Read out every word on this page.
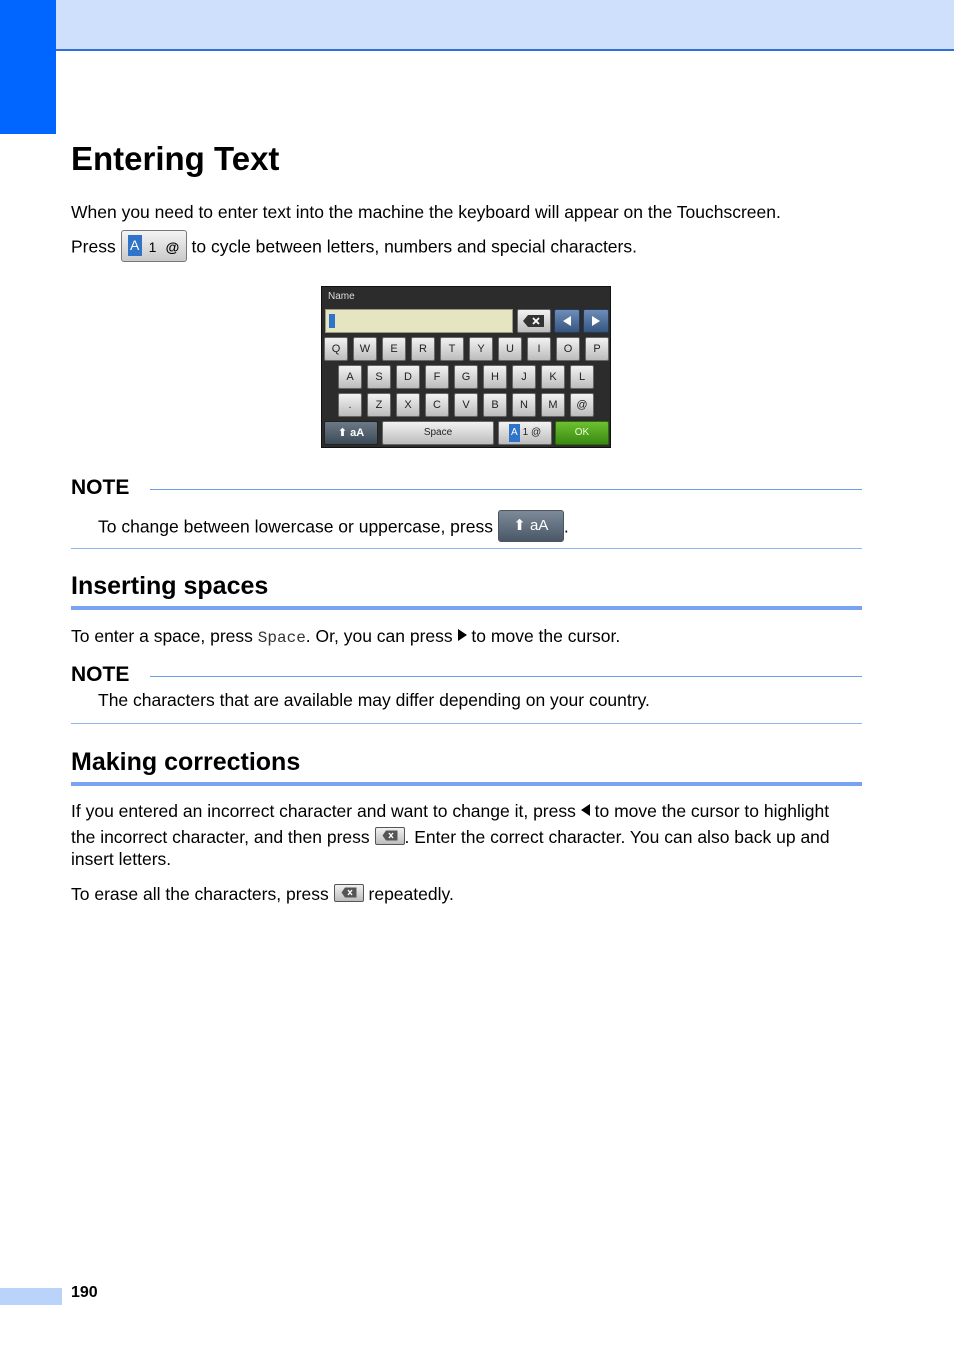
Entering Text

When you need to enter text into the machine the keyboard will appear on the Touchscreen.

Press A 1 @ to cycle between letters, numbers and special characters.

Name
⬆ aA	Space	A 1 @	OK
Q	W	E	R	T	Y	U	I	O	P
A	S	D	F	G	H	J	K	L
.	Z	X	C	V	B	N	M	@
NOTE
To change between lowercase or uppercase, press ⬆ aA .
Inserting spaces

To enter a space, press Space. Or, you can press to move the cursor.

NOTE
The characters that are available may differ depending on your country.
Making corrections

If you entered an incorrect character and want to change it, press to move the cursor to highlight

the incorrect character, and then press . Enter the correct character. You can also back up and

insert letters.

To erase all the characters, press repeatedly.

190
